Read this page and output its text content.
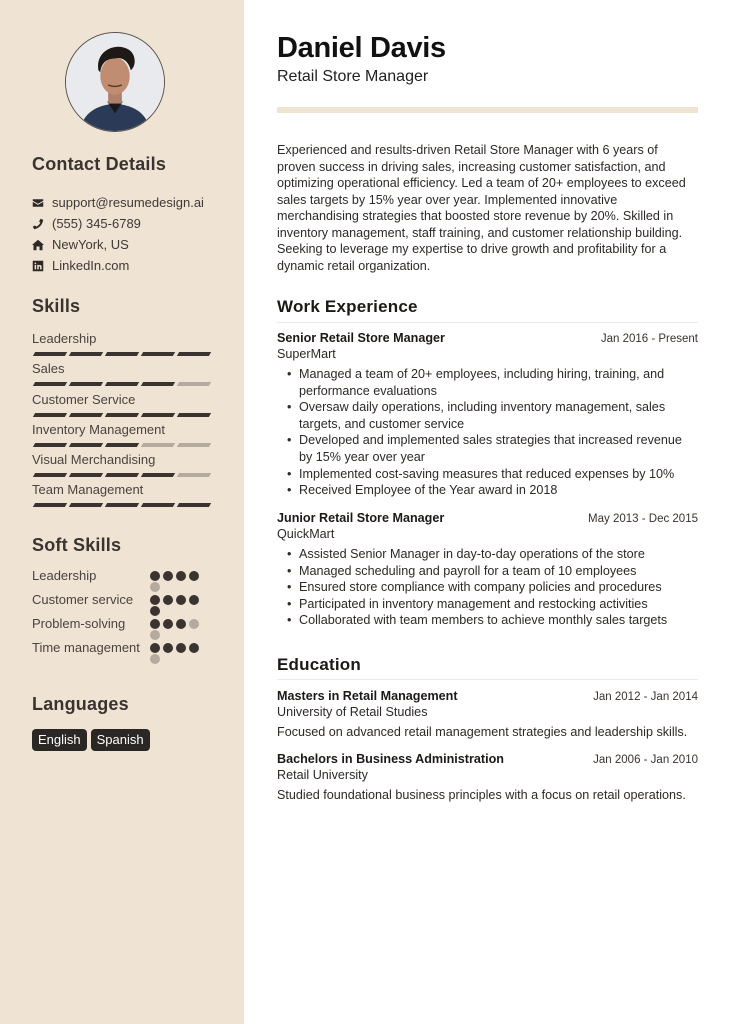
Contact Details
support@resumedesign.ai
(555) 345-6789
NewYork, US
LinkedIn.com
Skills
Leadership
Sales
Customer Service
Inventory Management
Visual Merchandising
Team Management
Soft Skills
Leadership
Customer service
Problem-solving
Time management
Languages
English	Spanish
Daniel Davis
Retail Store Manager

Experienced and results-driven Retail Store Manager with 6 years of proven success in driving sales, increasing customer satisfaction, and optimizing operational efficiency. Led a team of 20+ employees to exceed sales targets by 15% year over year. Implemented innovative merchandising strategies that boosted store revenue by 20%. Skilled in inventory management, staff training, and customer relationship building. Seeking to leverage my expertise to drive growth and profitability for a dynamic retail organization.

Work Experience
Senior Retail Store Manager	Jan 2016 - Present
SuperMart
• Managed a team of 20+ employees, including hiring, training, and performance evaluations
• Oversaw daily operations, including inventory management, sales targets, and customer service
• Developed and implemented sales strategies that increased revenue by 15% year over year
• Implemented cost-saving measures that reduced expenses by 10%
• Received Employee of the Year award in 2018
Junior Retail Store Manager	May 2013 - Dec 2015
QuickMart
• Assisted Senior Manager in day-to-day operations of the store
• Managed scheduling and payroll for a team of 10 employees
• Ensured store compliance with company policies and procedures
• Participated in inventory management and restocking activities
• Collaborated with team members to achieve monthly sales targets
Education
Masters in Retail Management	Jan 2012 - Jan 2014
University of Retail Studies
Focused on advanced retail management strategies and leadership skills.
Bachelors in Business Administration	Jan 2006 - Jan 2010
Retail University
Studied foundational business principles with a focus on retail operations.
